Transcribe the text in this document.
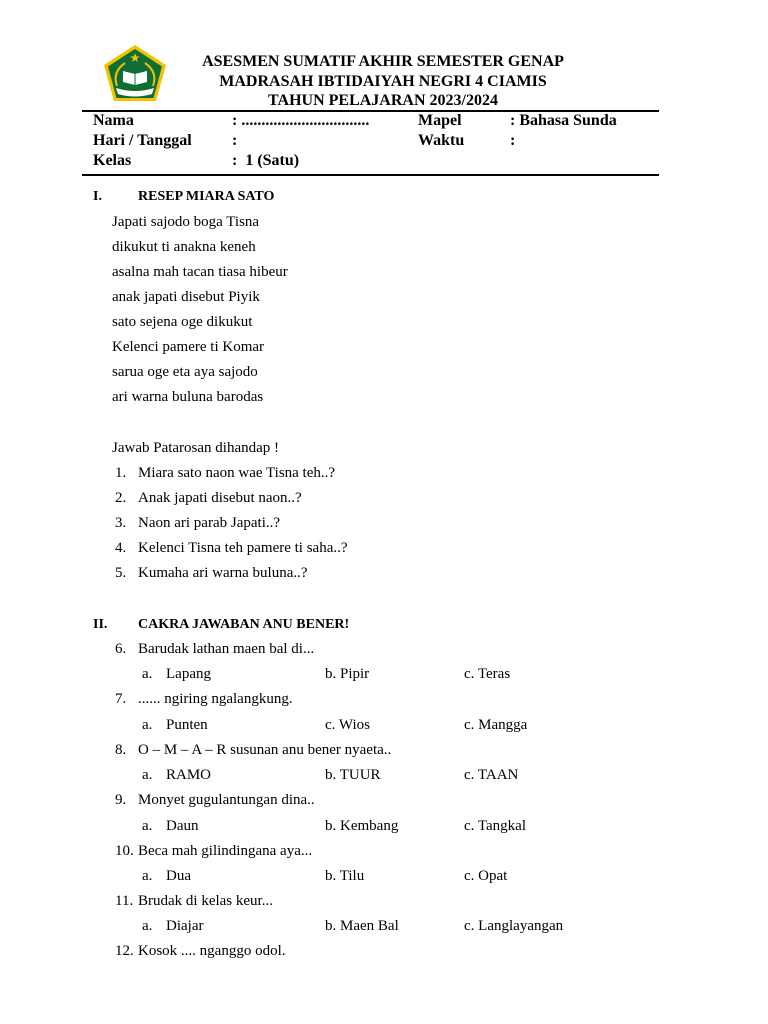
ASESMEN SUMATIF AKHIR SEMESTER GENAP
MADRASAH IBTIDAIYAH NEGRI 4 CIAMIS
TAHUN PELAJARAN 2023/2024
Nama	: ................................	Mapel	: Bahasa Sunda
Hari / Tanggal	:	Waktu	:
Kelas	:  1 (Satu)
I.	RESEP MIARA SATO
Japati sajodo boga Tisna
dikukut ti anakna keneh
asalna mah tacan tiasa hibeur
anak japati disebut Piyik
sato sejena oge dikukut
Kelenci pamere ti Komar
sarua oge eta aya sajodo
ari warna buluna barodas
Jawab Patarosan dihandap !
1. Miara sato naon wae Tisna teh..?
2. Anak japati disebut naon..?
3. Naon ari parab Japati..?
4. Kelenci Tisna teh pamere ti saha..?
5. Kumaha ari warna buluna..?
II. CAKRA JAWABAN ANU BENER!
6. Barudak lathan maen bal di...
a. Lapang	b. Pipir	c. Teras
7. ...... ngiring ngalangkung.
a. Punten	c. Wios	c. Mangga
8. O – M – A – R susunan anu bener nyaeta..
a. RAMO	b. TUUR	c. TAAN
9. Monyet gugulantungan dina..
a. Daun	b. Kembang	c. Tangkal
10. Beca mah gilindingana aya...
a. Dua	b. Tilu	c. Opat
11. Brudak di kelas keur...
a. Diajar	b. Maen Bal	c. Langlayangan
12. Kosok .... nganggo odol.
